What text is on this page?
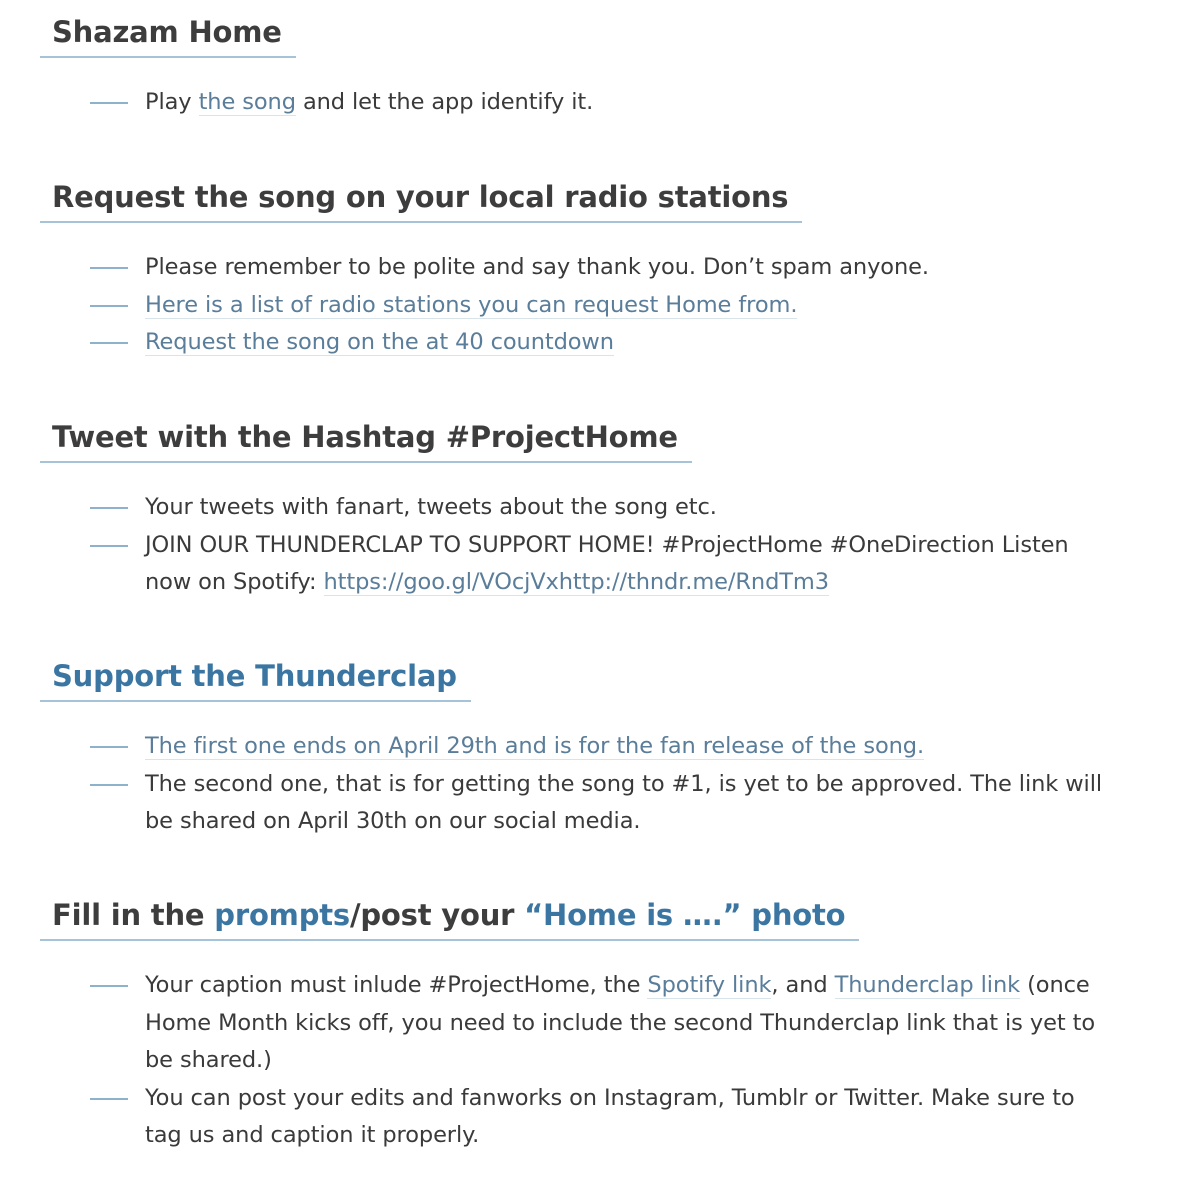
Shazam Home
Play the song and let the app identify it.
Request the song on your local radio stations
Please remember to be polite and say thank you. Don’t spam anyone.
Here is a list of radio stations you can request Home from.
Request the song on the at 40 countdown
Tweet with the Hashtag #ProjectHome
Your tweets with fanart, tweets about the song etc.
JOIN OUR THUNDERCLAP TO SUPPORT HOME! #ProjectHome #OneDirection Listen
now on Spotify: https://goo.gl/VOcjVxhttp://thndr.me/RndTm3
Support the Thunderclap
The first one ends on April 29th and is for the fan release of the song.
The second one, that is for getting the song to #1, is yet to be approved. The link will
be shared on April 30th on our social media.
Fill in the prompts/post your “Home is ….” photo
Your caption must inlude #ProjectHome, the Spotify link, and Thunderclap link (once
Home Month kicks off, you need to include the second Thunderclap link that is yet to
be shared.)
You can post your edits and fanworks on Instagram, Tumblr or Twitter. Make sure to
tag us and caption it properly.
